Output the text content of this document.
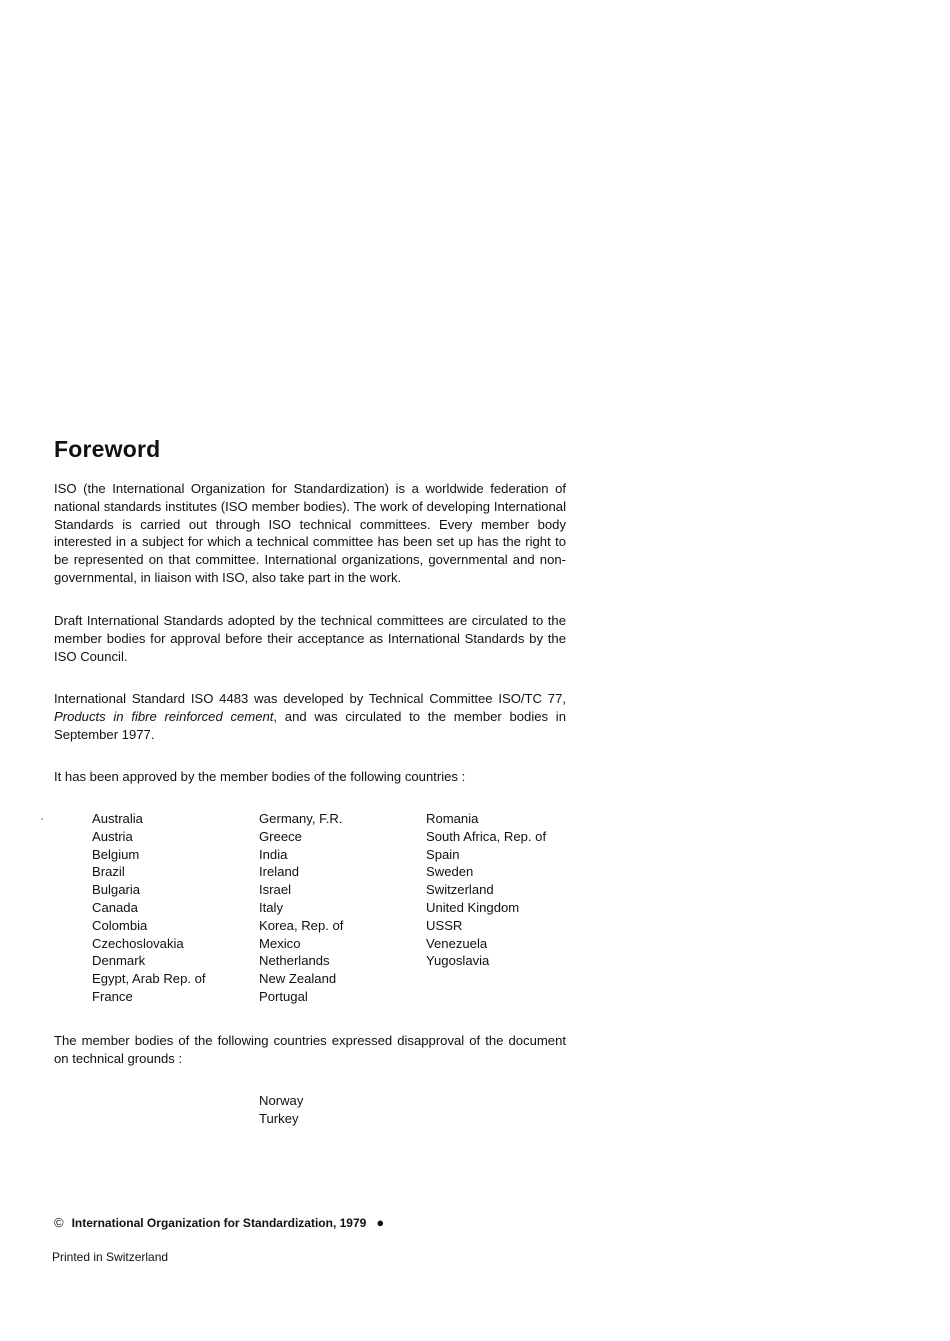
Foreword

ISO (the International Organization for Standardization) is a worldwide federation of national standards institutes (ISO member bodies). The work of developing International Standards is carried out through ISO technical committees. Every member body interested in a subject for which a technical committee has been set up has the right to be represented on that committee. International organizations, governmental and non-governmental, in liaison with ISO, also take part in the work.

Draft International Standards adopted by the technical committees are circulated to the member bodies for approval before their acceptance as International Standards by the ISO Council.

International Standard ISO 4483 was developed by Technical Committee ISO/TC 77, Products in fibre reinforced cement, and was circulated to the member bodies in September 1977.

It has been approved by the member bodies of the following countries :

Australia
Austria
Belgium
Brazil
Bulgaria
Canada
Colombia
Czechoslovakia
Denmark
Egypt, Arab Rep. of
France
Germany, F.R.
Greece
India
Ireland
Israel
Italy
Korea, Rep. of
Mexico
Netherlands
New Zealand
Portugal
Romania
South Africa, Rep. of
Spain
Sweden
Switzerland
United Kingdom
USSR
Venezuela
Yugoslavia

The member bodies of the following countries expressed disapproval of the document on technical grounds :

Norway
Turkey
© International Organization for Standardization, 1979 ●
Printed in Switzerland
